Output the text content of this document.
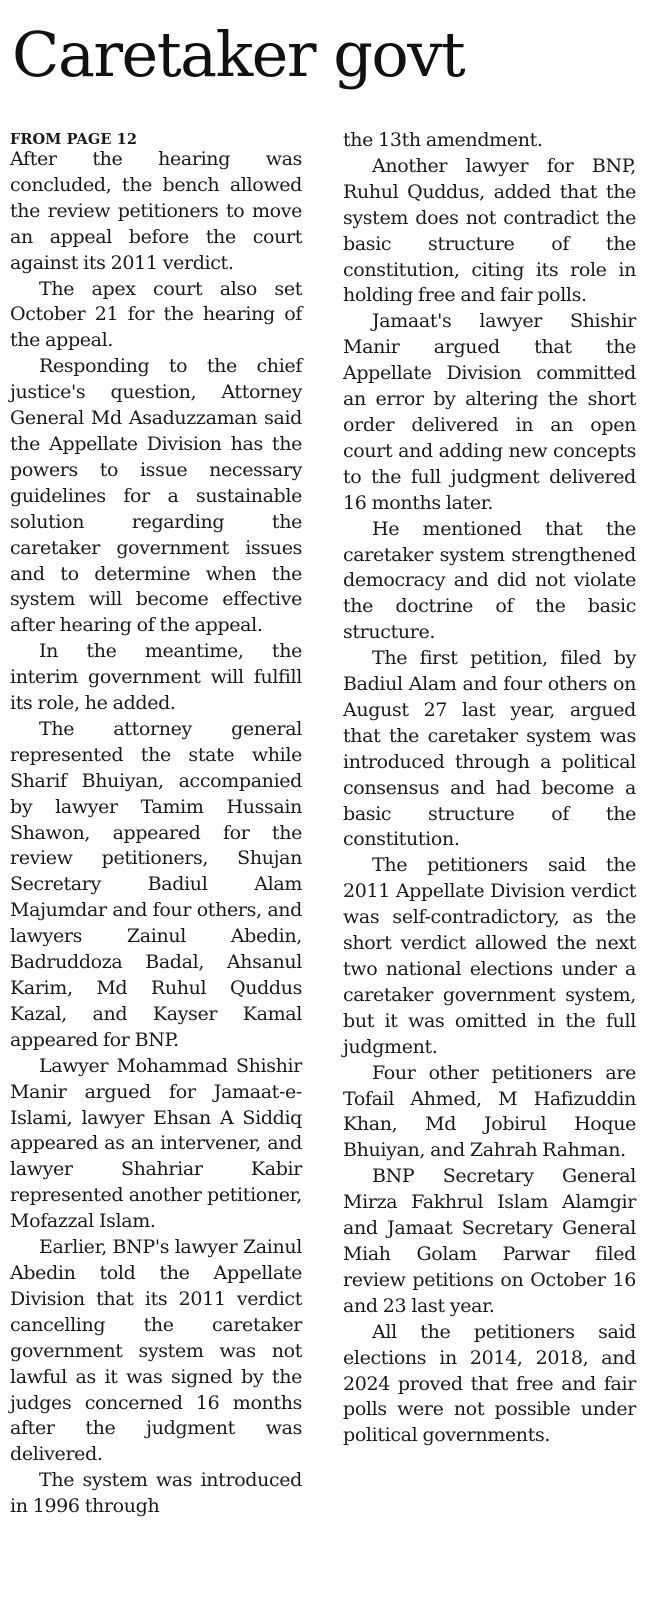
Caretaker govt
FROM PAGE 12

After the hearing was concluded, the bench allowed the review petitioners to move an appeal before the court against its 2011 verdict.

The apex court also set October 21 for the hearing of the appeal.

Responding to the chief justice's question, Attorney General Md Asaduzzaman said the Appellate Division has the powers to issue necessary guidelines for a sustainable solution regarding the caretaker government issues and to determine when the system will become effective after hearing of the appeal.

In the meantime, the interim government will fulfill its role, he added.

The attorney general represented the state while Sharif Bhuiyan, accompanied by lawyer Tamim Hussain Shawon, appeared for the review petitioners, Shujan Secretary Badiul Alam Majumdar and four others, and lawyers Zainul Abedin, Badruddoza Badal, Ahsanul Karim, Md Ruhul Quddus Kazal, and Kayser Kamal appeared for BNP.

Lawyer Mohammad Shishir Manir argued for Jamaat-e-Islami, lawyer Ehsan A Siddiq appeared as an intervener, and lawyer Shahriar Kabir represented another petitioner, Mofazzal Islam.

Earlier, BNP's lawyer Zainul Abedin told the Appellate Division that its 2011 verdict cancelling the caretaker government system was not lawful as it was signed by the judges concerned 16 months after the judgment was delivered.

The system was introduced in 1996 through

the 13th amendment.

Another lawyer for BNP, Ruhul Quddus, added that the system does not contradict the basic structure of the constitution, citing its role in holding free and fair polls.

Jamaat's lawyer Shishir Manir argued that the Appellate Division committed an error by altering the short order delivered in an open court and adding new concepts to the full judgment delivered 16 months later.

He mentioned that the caretaker system strengthened democracy and did not violate the doctrine of the basic structure.

The first petition, filed by Badiul Alam and four others on August 27 last year, argued that the caretaker system was introduced through a political consensus and had become a basic structure of the constitution.

The petitioners said the 2011 Appellate Division verdict was self-contradictory, as the short verdict allowed the next two national elections under a caretaker government system, but it was omitted in the full judgment.

Four other petitioners are Tofail Ahmed, M Hafizuddin Khan, Md Jobirul Hoque Bhuiyan, and Zahrah Rahman.

BNP Secretary General Mirza Fakhrul Islam Alamgir and Jamaat Secretary General Miah Golam Parwar filed review petitions on October 16 and 23 last year.

All the petitioners said elections in 2014, 2018, and 2024 proved that free and fair polls were not possible under political governments.
